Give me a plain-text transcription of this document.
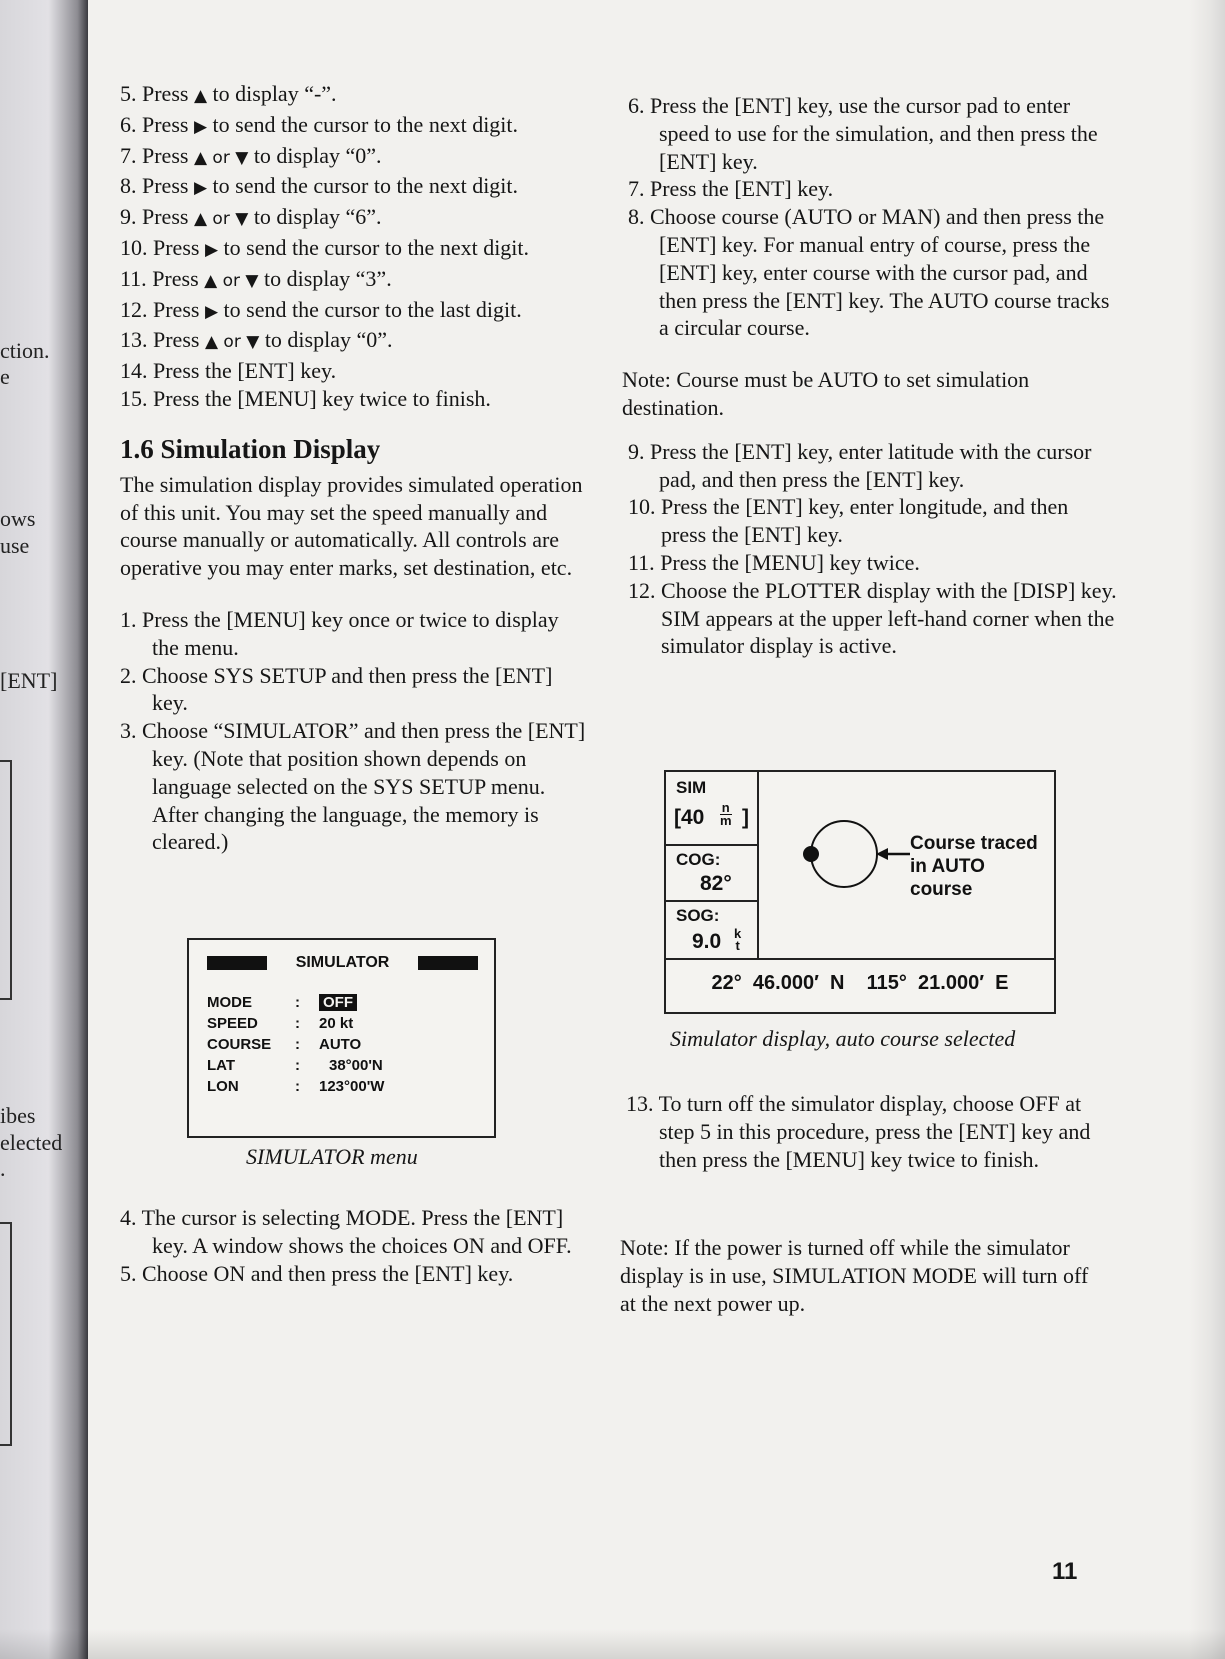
ction.
e
ows
use
[ENT]
ibes
elected
.
5. Press ▲ to display “-”.
6. Press ▶ to send the cursor to the next digit.
7. Press ▲ or ▼ to display “0”.
8. Press ▶ to send the cursor to the next digit.
9. Press ▲ or ▼ to display “6”.
10. Press ▶ to send the cursor to the next digit.
11. Press ▲ or ▼ to display “3”.
12. Press ▶ to send the cursor to the last digit.
13. Press ▲ or ▼ to display “0”.
14. Press the [ENT] key.
15. Press the [MENU] key twice to finish.
1.6 Simulation Display

The simulation display provides simulated operation of this unit. You may set the speed manually and course manually or automatically. All controls are operative you may enter marks, set destination, etc.

1. Press the [MENU] key once or twice to display the menu.
2. Choose SYS SETUP and then press the [ENT] key.
3. Choose “SIMULATOR” and then press the [ENT] key. (Note that position shown depends on language selected on the SYS SETUP menu. After changing the language, the memory is cleared.)
SIMULATOR
MODE	: OFF
SPEED	: 20 kt
COURSE	: AUTO
LAT	: 38°00'N
LON	: 123°00'W
SIMULATOR menu
4. The cursor is selecting MODE. Press the [ENT] key. A window shows the choices ON and OFF.
5. Choose ON and then press the [ENT] key.
6. Press the [ENT] key, use the cursor pad to enter speed to use for the simulation, and then press the [ENT] key.
7. Press the [ENT] key.
8. Choose course (AUTO or MAN) and then press the [ENT] key. For manual entry of course, press the [ENT] key, enter course with the cursor pad, and then press the [ENT] key. The AUTO course tracks a circular course.

Note: Course must be AUTO to set simulation destination.

9. Press the [ENT] key, enter latitude with the cursor pad, and then press the [ENT] key.
10. Press the [ENT] key, enter longitude, and then press the [ENT] key.
11. Press the [MENU] key twice.
12. Choose the PLOTTER display with the [DISP] key. SIM appears at the upper left-hand corner when the simulator display is active.
SIM
[40 n
m ]
COG:
82°
SOG:
9.0 k
t
Course traced
in AUTO
course
22°  46.000′  N    115°  21.000′  E
Simulator display, auto course selected
13. To turn off the simulator display, choose OFF at step 5 in this procedure, press the [ENT] key and then press the [MENU] key twice to finish.

Note: If the power is turned off while the simulator display is in use, SIMULATION MODE will turn off at the next power up.

11
